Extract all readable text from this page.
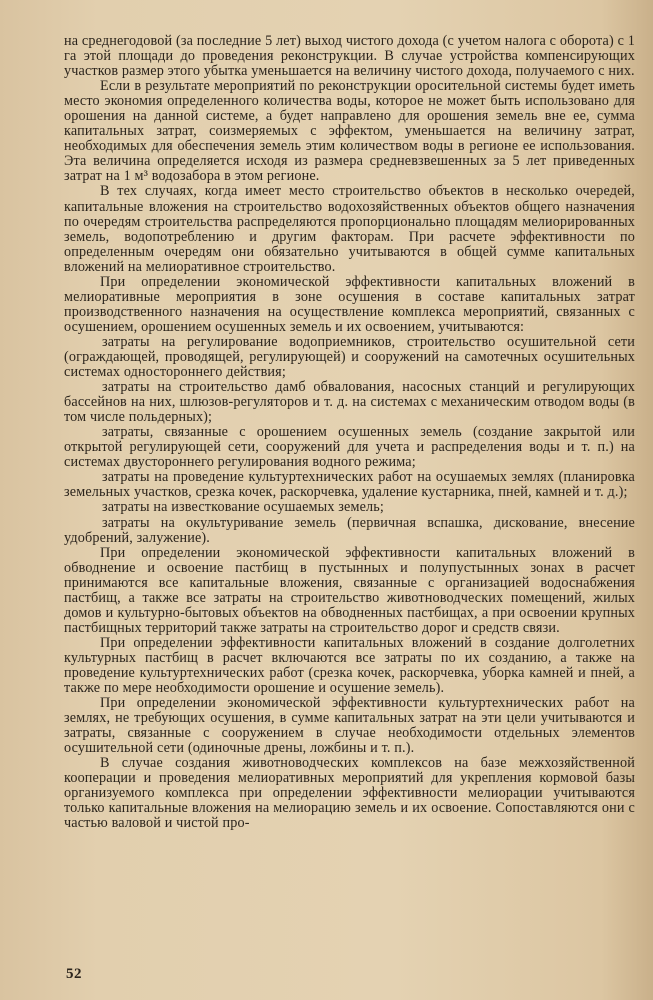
на среднегодовой (за последние 5 лет) выход чистого дохода (с учетом налога с оборота) с 1 га этой площади до проведения реконструкции. В случае устройства компенсирующих участков размер этого убытка уменьшается на величину чистого дохода, получаемого с них.

Если в результате мероприятий по реконструкции оросительной системы будет иметь место экономия определенного количества воды, которое не может быть использовано для орошения на данной системе, а будет направлено для орошения земель вне ее, сумма капитальных затрат, соизмеряемых с эффектом, уменьшается на величину затрат, необходимых для обеспечения земель этим количеством воды в регионе ее использования. Эта величина определяется исходя из размера средневзвешенных за 5 лет приведенных затрат на 1 м³ водозабора в этом регионе.

В тех случаях, когда имеет место строительство объектов в несколько очередей, капитальные вложения на строительство водохозяйственных объектов общего назначения по очередям строительства распределяются пропорционально площадям мелиорированных земель, водопотреблению и другим факторам. При расчете эффективности по определенным очередям они обязательно учитываются в общей сумме капитальных вложений на мелиоративное строительство.

При определении экономической эффективности капитальных вложений в мелиоративные мероприятия в зоне осушения в составе капитальных затрат производственного назначения на осуществление комплекса мероприятий, связанных с осушением, орошением осушенных земель и их освоением, учитываются:

затраты на регулирование водоприемников, строительство осушительной сети (ограждающей, проводящей, регулирующей) и сооружений на самотечных осушительных системах одностороннего действия;

затраты на строительство дамб обвалования, насосных станций и регулирующих бассейнов на них, шлюзов-регуляторов и т. д. на системах с механическим отводом воды (в том числе польдерных);

затраты, связанные с орошением осушенных земель (создание закрытой или открытой регулирующей сети, сооружений для учета и распределения воды и т. п.) на системах двустороннего регулирования водного режима;

затраты на проведение культуртехнических работ на осушаемых землях (планировка земельных участков, срезка кочек, раскорчевка, удаление кустарника, пней, камней и т. д.);

затраты на известкование осушаемых земель;

затраты на окультуривание земель (первичная вспашка, дискование, внесение удобрений, залужение).

При определении экономической эффективности капитальных вложений в обводнение и освоение пастбищ в пустынных и полупустынных зонах в расчет принимаются все капитальные вложения, связанные с организацией водоснабжения пастбищ, а также все затраты на строительство животноводческих помещений, жилых домов и культурно-бытовых объектов на обводненных пастбищах, а при освоении крупных пастбищных территорий также затраты на строительство дорог и средств связи.

При определении эффективности капитальных вложений в создание долголетних культурных пастбищ в расчет включаются все затраты по их созданию, а также на проведение культуртехнических работ (срезка кочек, раскорчевка, уборка камней и пней, а также по мере необходимости орошение и осушение земель).

При определении экономической эффективности культуртехнических работ на землях, не требующих осушения, в сумме капитальных затрат на эти цели учитываются и затраты, связанные с сооружением в случае необходимости отдельных элементов осушительной сети (одиночные дрены, ложбины и т. п.).

В случае создания животноводческих комплексов на базе межхозяйственной кооперации и проведения мелиоративных мероприятий для укрепления кормовой базы организуемого комплекса при определении эффективности мелиорации учитываются только капитальные вложения на мелиорацию земель и их освоение. Сопоставляются они с частью валовой и чистой про-

52
